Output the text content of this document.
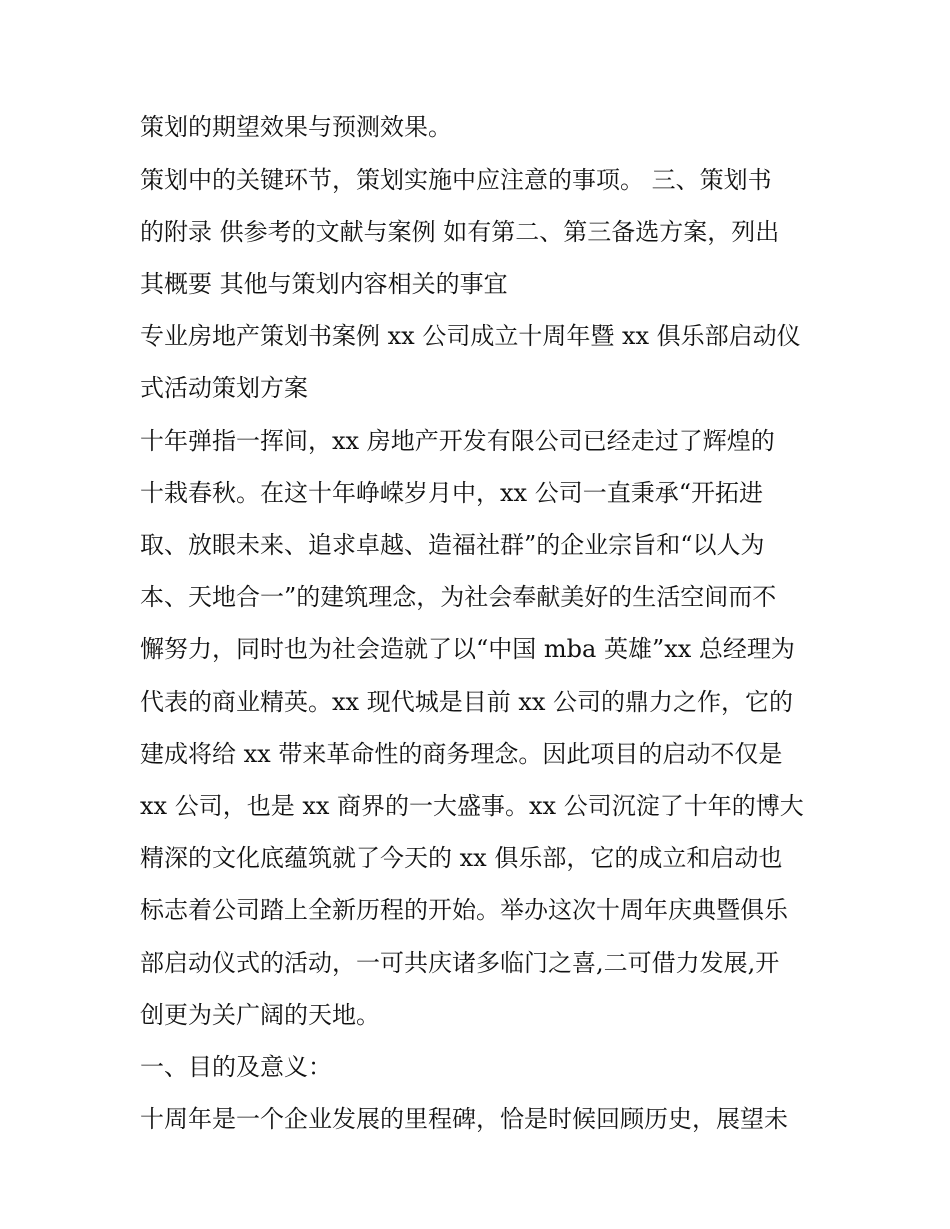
策划的期望效果与预测效果。
策划中的关键环节，策划实施中应注意的事项。 三、策划书
的附录 供参考的文献与案例 如有第二、第三备选方案，列出
其概要 其他与策划内容相关的事宜
专业房地产策划书案例 xx 公司成立十周年暨 xx 俱乐部启动仪
式活动策划方案
十年弹指一挥间，xx 房地产开发有限公司已经走过了辉煌的
十栽春秋。在这十年峥嵘岁月中，xx 公司一直秉承“开拓进
取、放眼未来、追求卓越、造福社群”的企业宗旨和“以人为
本、天地合一”的建筑理念，为社会奉献美好的生活空间而不
懈努力，同时也为社会造就了以“中国 mba 英雄”xx 总经理为
代表的商业精英。xx 现代城是目前 xx 公司的鼎力之作，它的
建成将给 xx 带来革命性的商务理念。因此项目的启动不仅是
xx 公司，也是 xx 商界的一大盛事。xx 公司沉淀了十年的博大
精深的文化底蕴筑就了今天的 xx 俱乐部，它的成立和启动也
标志着公司踏上全新历程的开始。举办这次十周年庆典暨俱乐
部启动仪式的活动，一可共庆诸多临门之喜,二可借力发展,开
创更为关广阔的天地。
一、目的及意义：
十周年是一个企业发展的里程碑，恰是时候回顾历史，展望未
